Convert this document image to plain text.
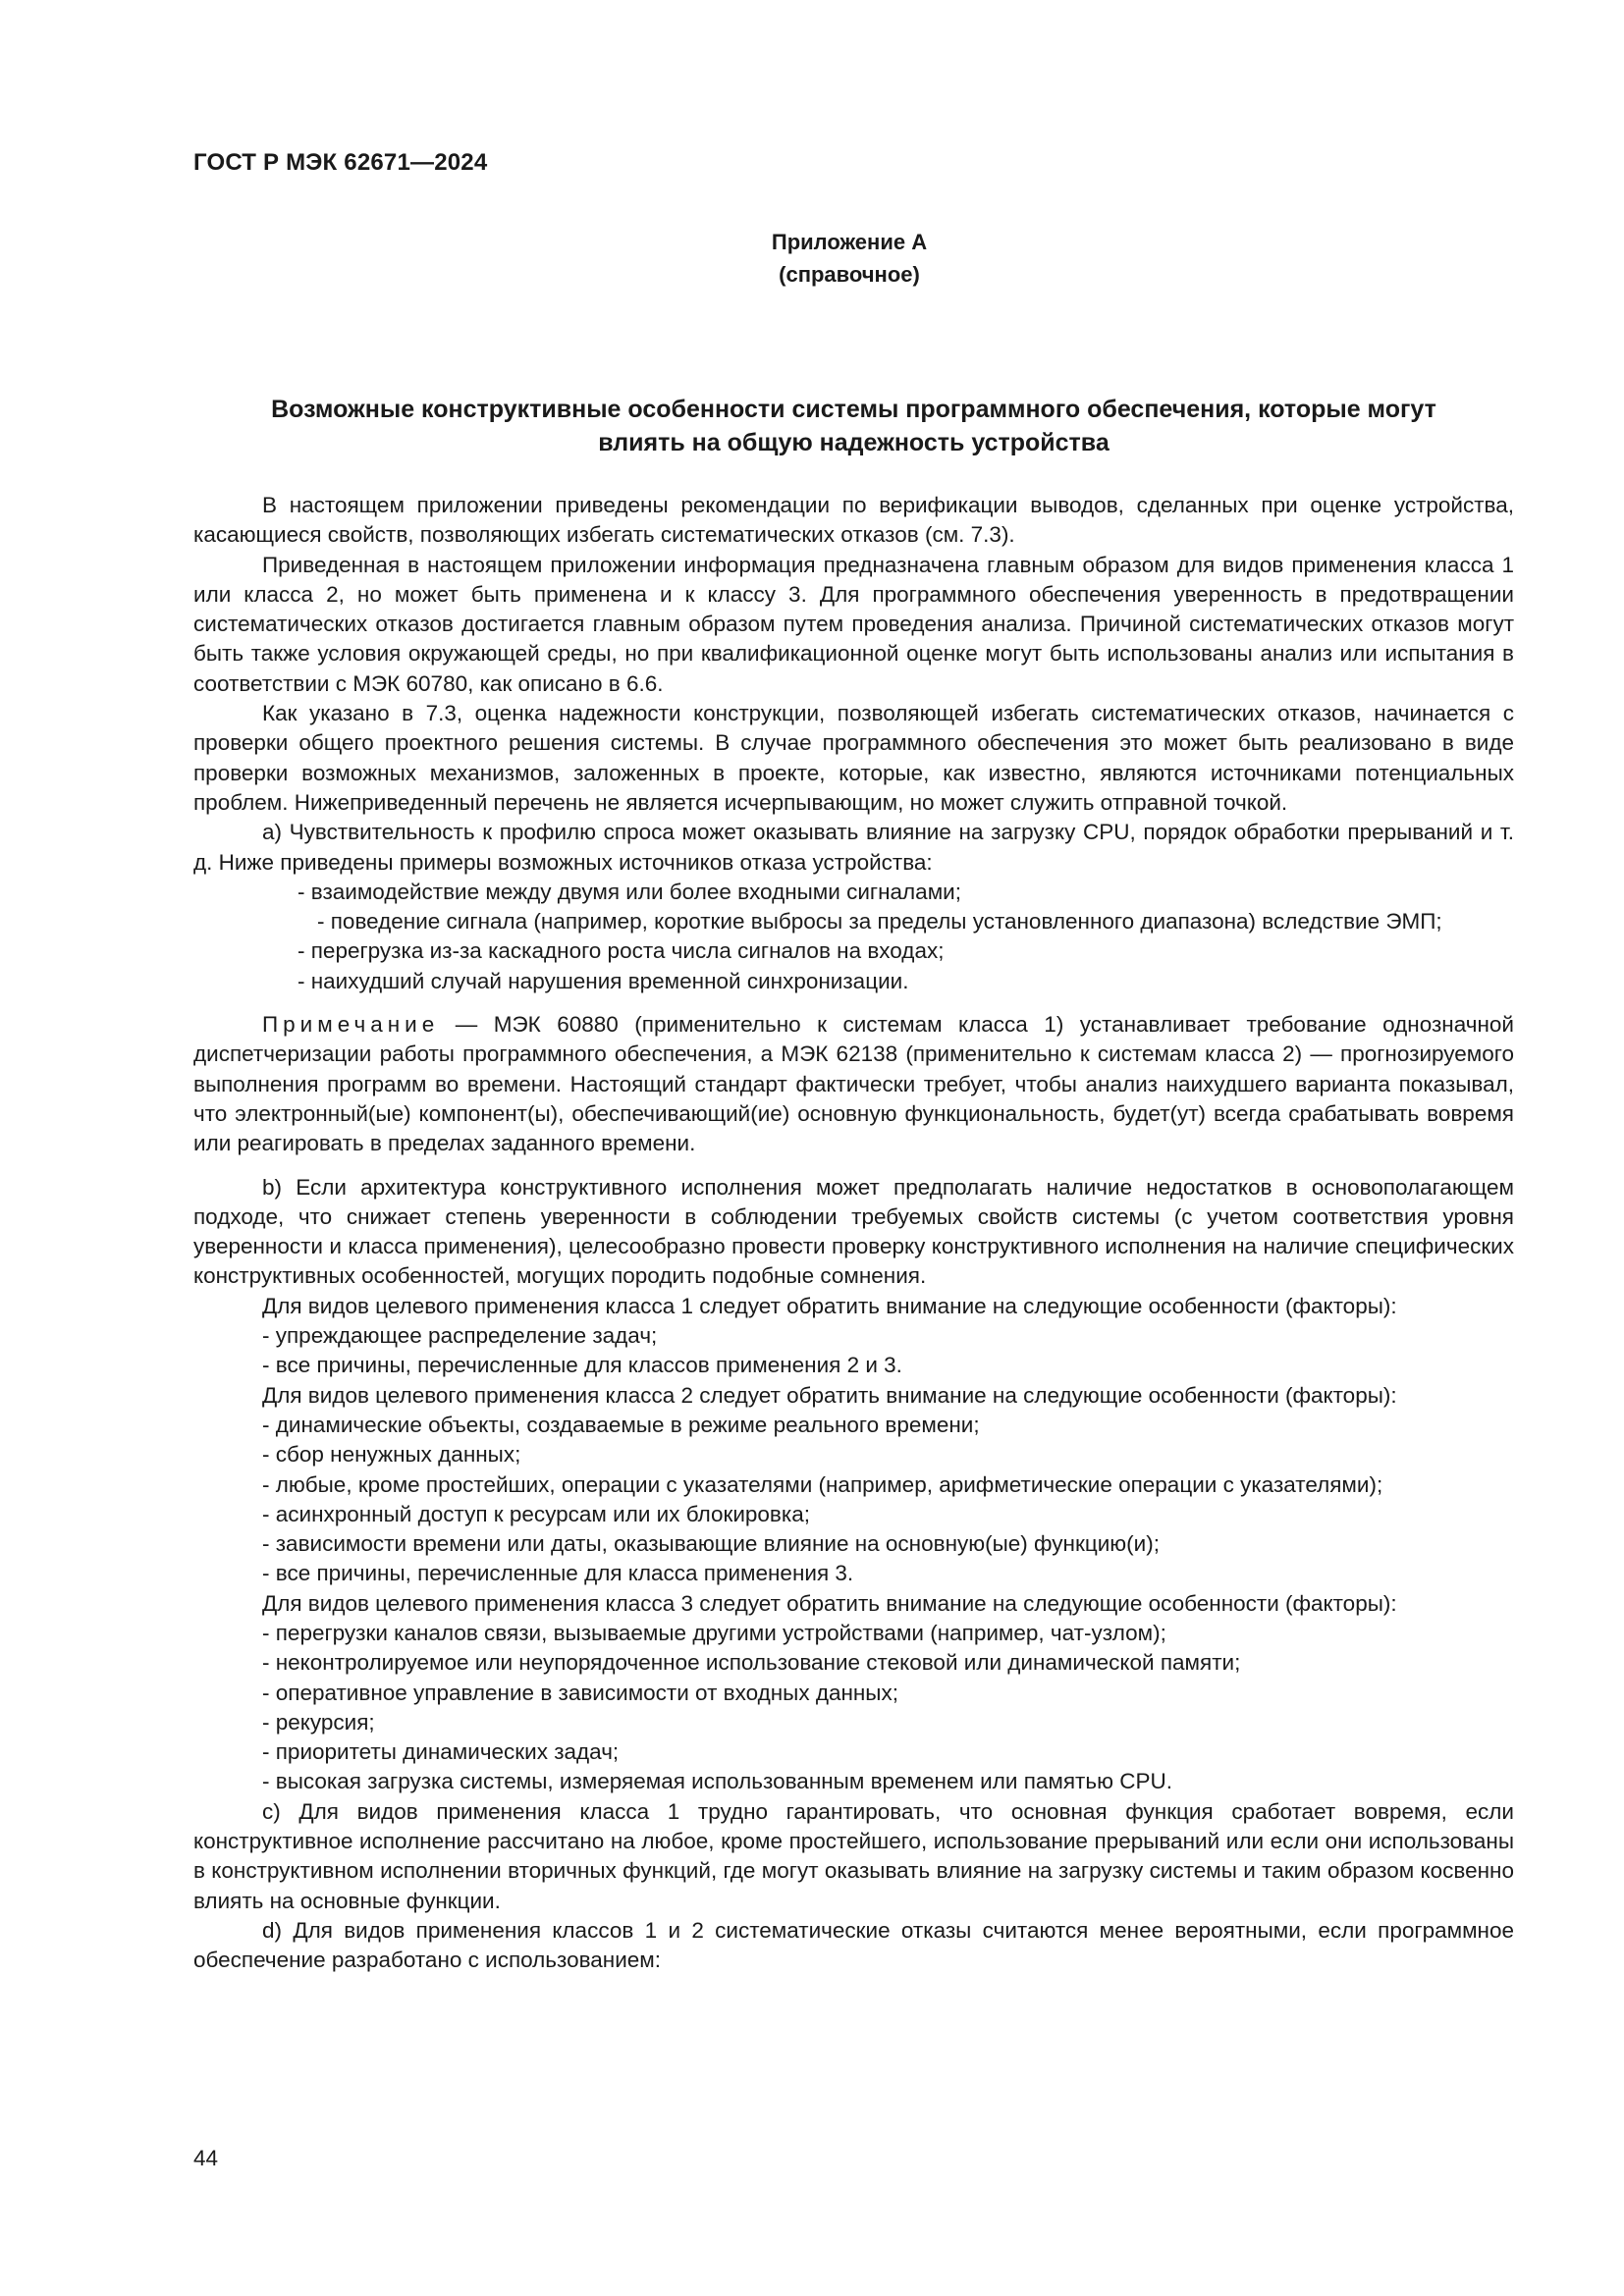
ГОСТ Р МЭК 62671—2024
Приложение А
(справочное)
Возможные конструктивные особенности системы программного обеспечения, которые могут
влиять на общую надежность устройства

В настоящем приложении приведены рекомендации по верификации выводов, сделанных при оценке устройства, касающиеся свойств, позволяющих избегать систематических отказов (см. 7.3).

Приведенная в настоящем приложении информация предназначена главным образом для видов применения класса 1 или класса 2, но может быть применена и к классу 3. Для программного обеспечения уверенность в предотвращении систематических отказов достигается главным образом путем проведения анализа. Причиной систематических отказов могут быть также условия окружающей среды, но при квалификационной оценке могут быть использованы анализ или испытания в соответствии с МЭК 60780, как описано в 6.6.

Как указано в 7.3, оценка надежности конструкции, позволяющей избегать систематических отказов, начинается с проверки общего проектного решения системы. В случае программного обеспечения это может быть реализовано в виде проверки возможных механизмов, заложенных в проекте, которые, как известно, являются источниками потенциальных проблем. Нижеприведенный перечень не является исчерпывающим, но может служить отправной точкой.

а) Чувствительность к профилю спроса может оказывать влияние на загрузку CPU, порядок обработки прерываний и т. д. Ниже приведены примеры возможных источников отказа устройства:

- взаимодействие между двумя или более входными сигналами;

- поведение сигнала (например, короткие выбросы за пределы установленного диапазона) вследствие ЭМП;

- перегрузка из-за каскадного роста числа сигналов на входах;

- наихудший случай нарушения временной синхронизации.

Примечание — МЭК 60880 (применительно к системам класса 1) устанавливает требование однозначной диспетчеризации работы программного обеспечения, а МЭК 62138 (применительно к системам класса 2) — прогнозируемого выполнения программ во времени. Настоящий стандарт фактически требует, чтобы анализ наихудшего варианта показывал, что электронный(ые) компонент(ы), обеспечивающий(ие) основную функциональность, будет(ут) всегда срабатывать вовремя или реагировать в пределах заданного времени.

b) Если архитектура конструктивного исполнения может предполагать наличие недостатков в основополагающем подходе, что снижает степень уверенности в соблюдении требуемых свойств системы (с учетом соответствия уровня уверенности и класса применения), целесообразно провести проверку конструктивного исполнения на наличие специфических конструктивных особенностей, могущих породить подобные сомнения.

Для видов целевого применения класса 1 следует обратить внимание на следующие особенности (факторы):

- упреждающее распределение задач;

- все причины, перечисленные для классов применения 2 и 3.

Для видов целевого применения класса 2 следует обратить внимание на следующие особенности (факторы):

- динамические объекты, создаваемые в режиме реального времени;

- сбор ненужных данных;

- любые, кроме простейших, операции с указателями (например, арифметические операции с указателями);

- асинхронный доступ к ресурсам или их блокировка;

- зависимости времени или даты, оказывающие влияние на основную(ые) функцию(и);

- все причины, перечисленные для класса применения 3.

Для видов целевого применения класса 3 следует обратить внимание на следующие особенности (факторы):

- перегрузки каналов связи, вызываемые другими устройствами (например, чат-узлом);

- неконтролируемое или неупорядоченное использование стековой или динамической памяти;

- оперативное управление в зависимости от входных данных;

- рекурсия;

- приоритеты динамических задач;

- высокая загрузка системы, измеряемая использованным временем или памятью CPU.

с) Для видов применения класса 1 трудно гарантировать, что основная функция сработает вовремя, если конструктивное исполнение рассчитано на любое, кроме простейшего, использование прерываний или если они использованы в конструктивном исполнении вторичных функций, где могут оказывать влияние на загрузку системы и таким образом косвенно влиять на основные функции.

d) Для видов применения классов 1 и 2 систематические отказы считаются менее вероятными, если программное обеспечение разработано с использованием:

44
